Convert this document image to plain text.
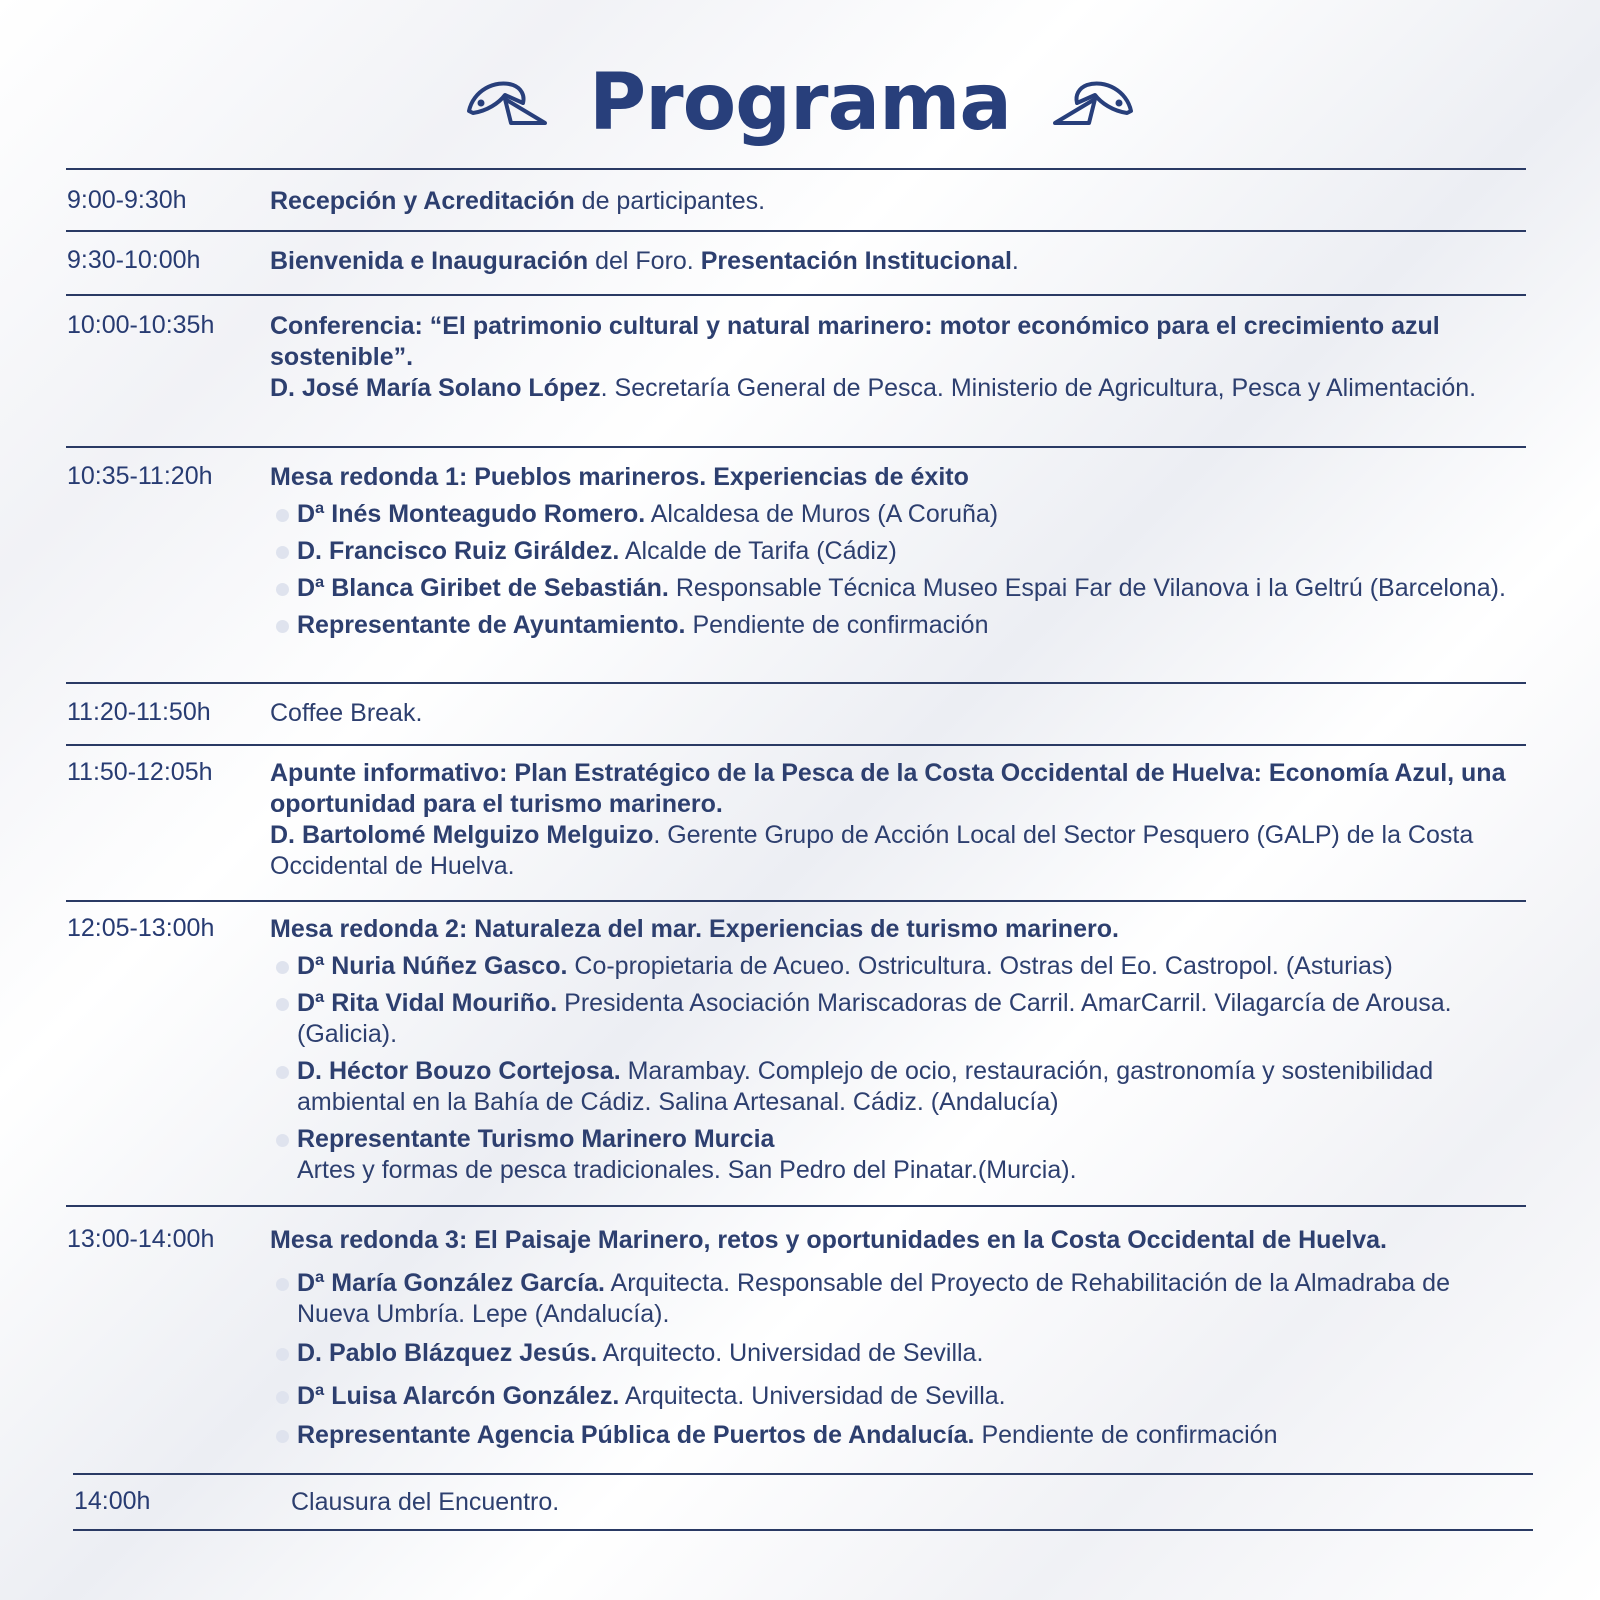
Programa
9:00-9:30h	Recepción y Acreditación de participantes.
9:30-10:00h	Bienvenida e Inauguración del Foro. Presentación Institucional.
10:00-10:35h Conferencia: “El patrimonio cultural y natural marinero: motor económico para el crecimiento azul sostenible”.
D. José María Solano López. Secretaría General de Pesca. Ministerio de Agricultura, Pesca y Alimentación.
10:35-11:20h Mesa redonda 1: Pueblos marineros. Experiencias de éxito
Dª Inés Monteagudo Romero. Alcaldesa de Muros (A Coruña)
D. Francisco Ruiz Giráldez. Alcalde de Tarifa (Cádiz)
Dª Blanca Giribet de Sebastián. Responsable Técnica Museo Espai Far de Vilanova i la Geltrú (Barcelona).
Representante de Ayuntamiento. Pendiente de confirmación
11:20-11:50h Coffee Break.
11:50-12:05h Apunte informativo: Plan Estratégico de la Pesca de la Costa Occidental de Huelva: Economía Azul, una oportunidad para el turismo marinero.
D. Bartolomé Melguizo Melguizo. Gerente Grupo de Acción Local del Sector Pesquero (GALP) de la Costa Occidental de Huelva.
12:05-13:00h Mesa redonda 2: Naturaleza del mar. Experiencias de turismo marinero.
Dª Nuria Núñez Gasco. Co-propietaria de Acueo. Ostricultura. Ostras del Eo. Castropol. (Asturias)
Dª Rita Vidal Mouriño. Presidenta Asociación Mariscadoras de Carril. AmarCarril. Vilagarcía de Arousa. (Galicia).
D. Héctor Bouzo Cortejosa. Marambay. Complejo de ocio, restauración, gastronomía y sostenibilidad ambiental en la Bahía de Cádiz. Salina Artesanal. Cádiz. (Andalucía)
Representante Turismo Marinero Murcia
Artes y formas de pesca tradicionales. San Pedro del Pinatar.(Murcia).
13:00-14:00h Mesa redonda 3: El Paisaje Marinero, retos y oportunidades en la Costa Occidental de Huelva.
Dª María González García. Arquitecta. Responsable del Proyecto de Rehabilitación de la Almadraba de Nueva Umbría. Lepe (Andalucía).
D. Pablo Blázquez Jesús. Arquitecto. Universidad de Sevilla.
Dª Luisa Alarcón González. Arquitecta. Universidad de Sevilla.
Representante Agencia Pública de Puertos de Andalucía. Pendiente de confirmación
14:00h	Clausura del Encuentro.
